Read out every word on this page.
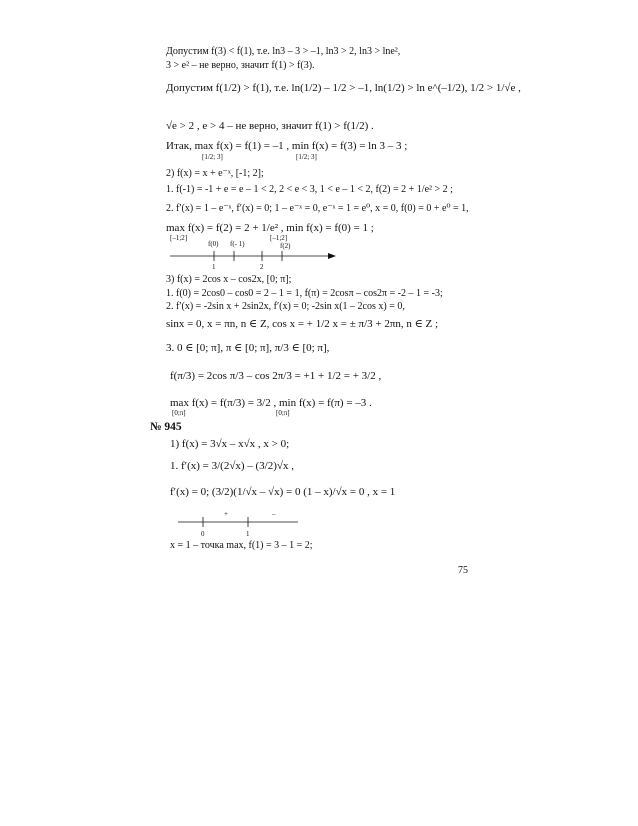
Допустим f(3) < f(1), т.е. ln3 – 3 > –1, ln3 > 2, ln3 > lne²,
3 > e² – не верно, значит f(1) > f(3).
Допустим f(1/2) > f(1), т.е. ln(1/2) – 1/2 > –1, ln(1/2) > ln e^(–1/2), 1/2 > 1/√e ,
√e > 2 , e > 4 – не верно, значит f(1) > f(1/2) .
Итак, max f(x) = f(1) = –1 , min f(x) = f(3) = ln 3 – 3 ;
[1/2; 3]	[1/2; 3]
2) f(x) = x + e⁻ˣ, [-1; 2];
1. f(-1) = -1 + e = e – 1 < 2, 2 < e < 3, 1 < e – 1 < 2, f(2) = 2 + 1/e² > 2 ;
2. f′(x) = 1 – e⁻ˣ, f′(x) = 0; 1 – e⁻ˣ = 0, e⁻ˣ = 1 = e⁰, x = 0, f(0) = 0 + e⁰ = 1,
max f(x) = f(2) = 2 + 1/e² , min f(x) = f(0) = 1 ;
[–1;2]	[–1;2]
f(0) f(- 1)	f(2)
1	2
3) f(x) = 2cos x – cos2x, [0; π];
1. f(0) = 2cos0 – cos0 = 2 – 1 = 1, f(π) = 2cosπ – cos2π = -2 – 1 = -3;
2. f′(x) = -2sin x + 2sin2x, f′(x) = 0; -2sin x(1 – 2cos x) = 0,
sinx = 0, x = πn, n ∈ Z, cos x = + 1/2 x = ± π/3 + 2πn, n ∈ Z ;
3. 0 ∈ [0; π], π ∈ [0; π], π/3 ∈ [0; π],
f(π/3) = 2cos π/3 – cos 2π/3 = +1 + 1/2 = + 3/2 ,
max f(x) = f(π/3) = 3/2 , min f(x) = f(π) = –3 .
[0;π]	[0;π]
№ 945
1) f(x) = 3√x – x√x , x > 0;
1. f′(x) = 3/(2√x) – (3/2)√x ,
f′(x) = 0; (3/2)(1/√x – √x) = 0 (1 – x)/√x = 0 , x = 1
+	–
0	1
x = 1 – точка max, f(1) = 3 – 1 = 2;
75
